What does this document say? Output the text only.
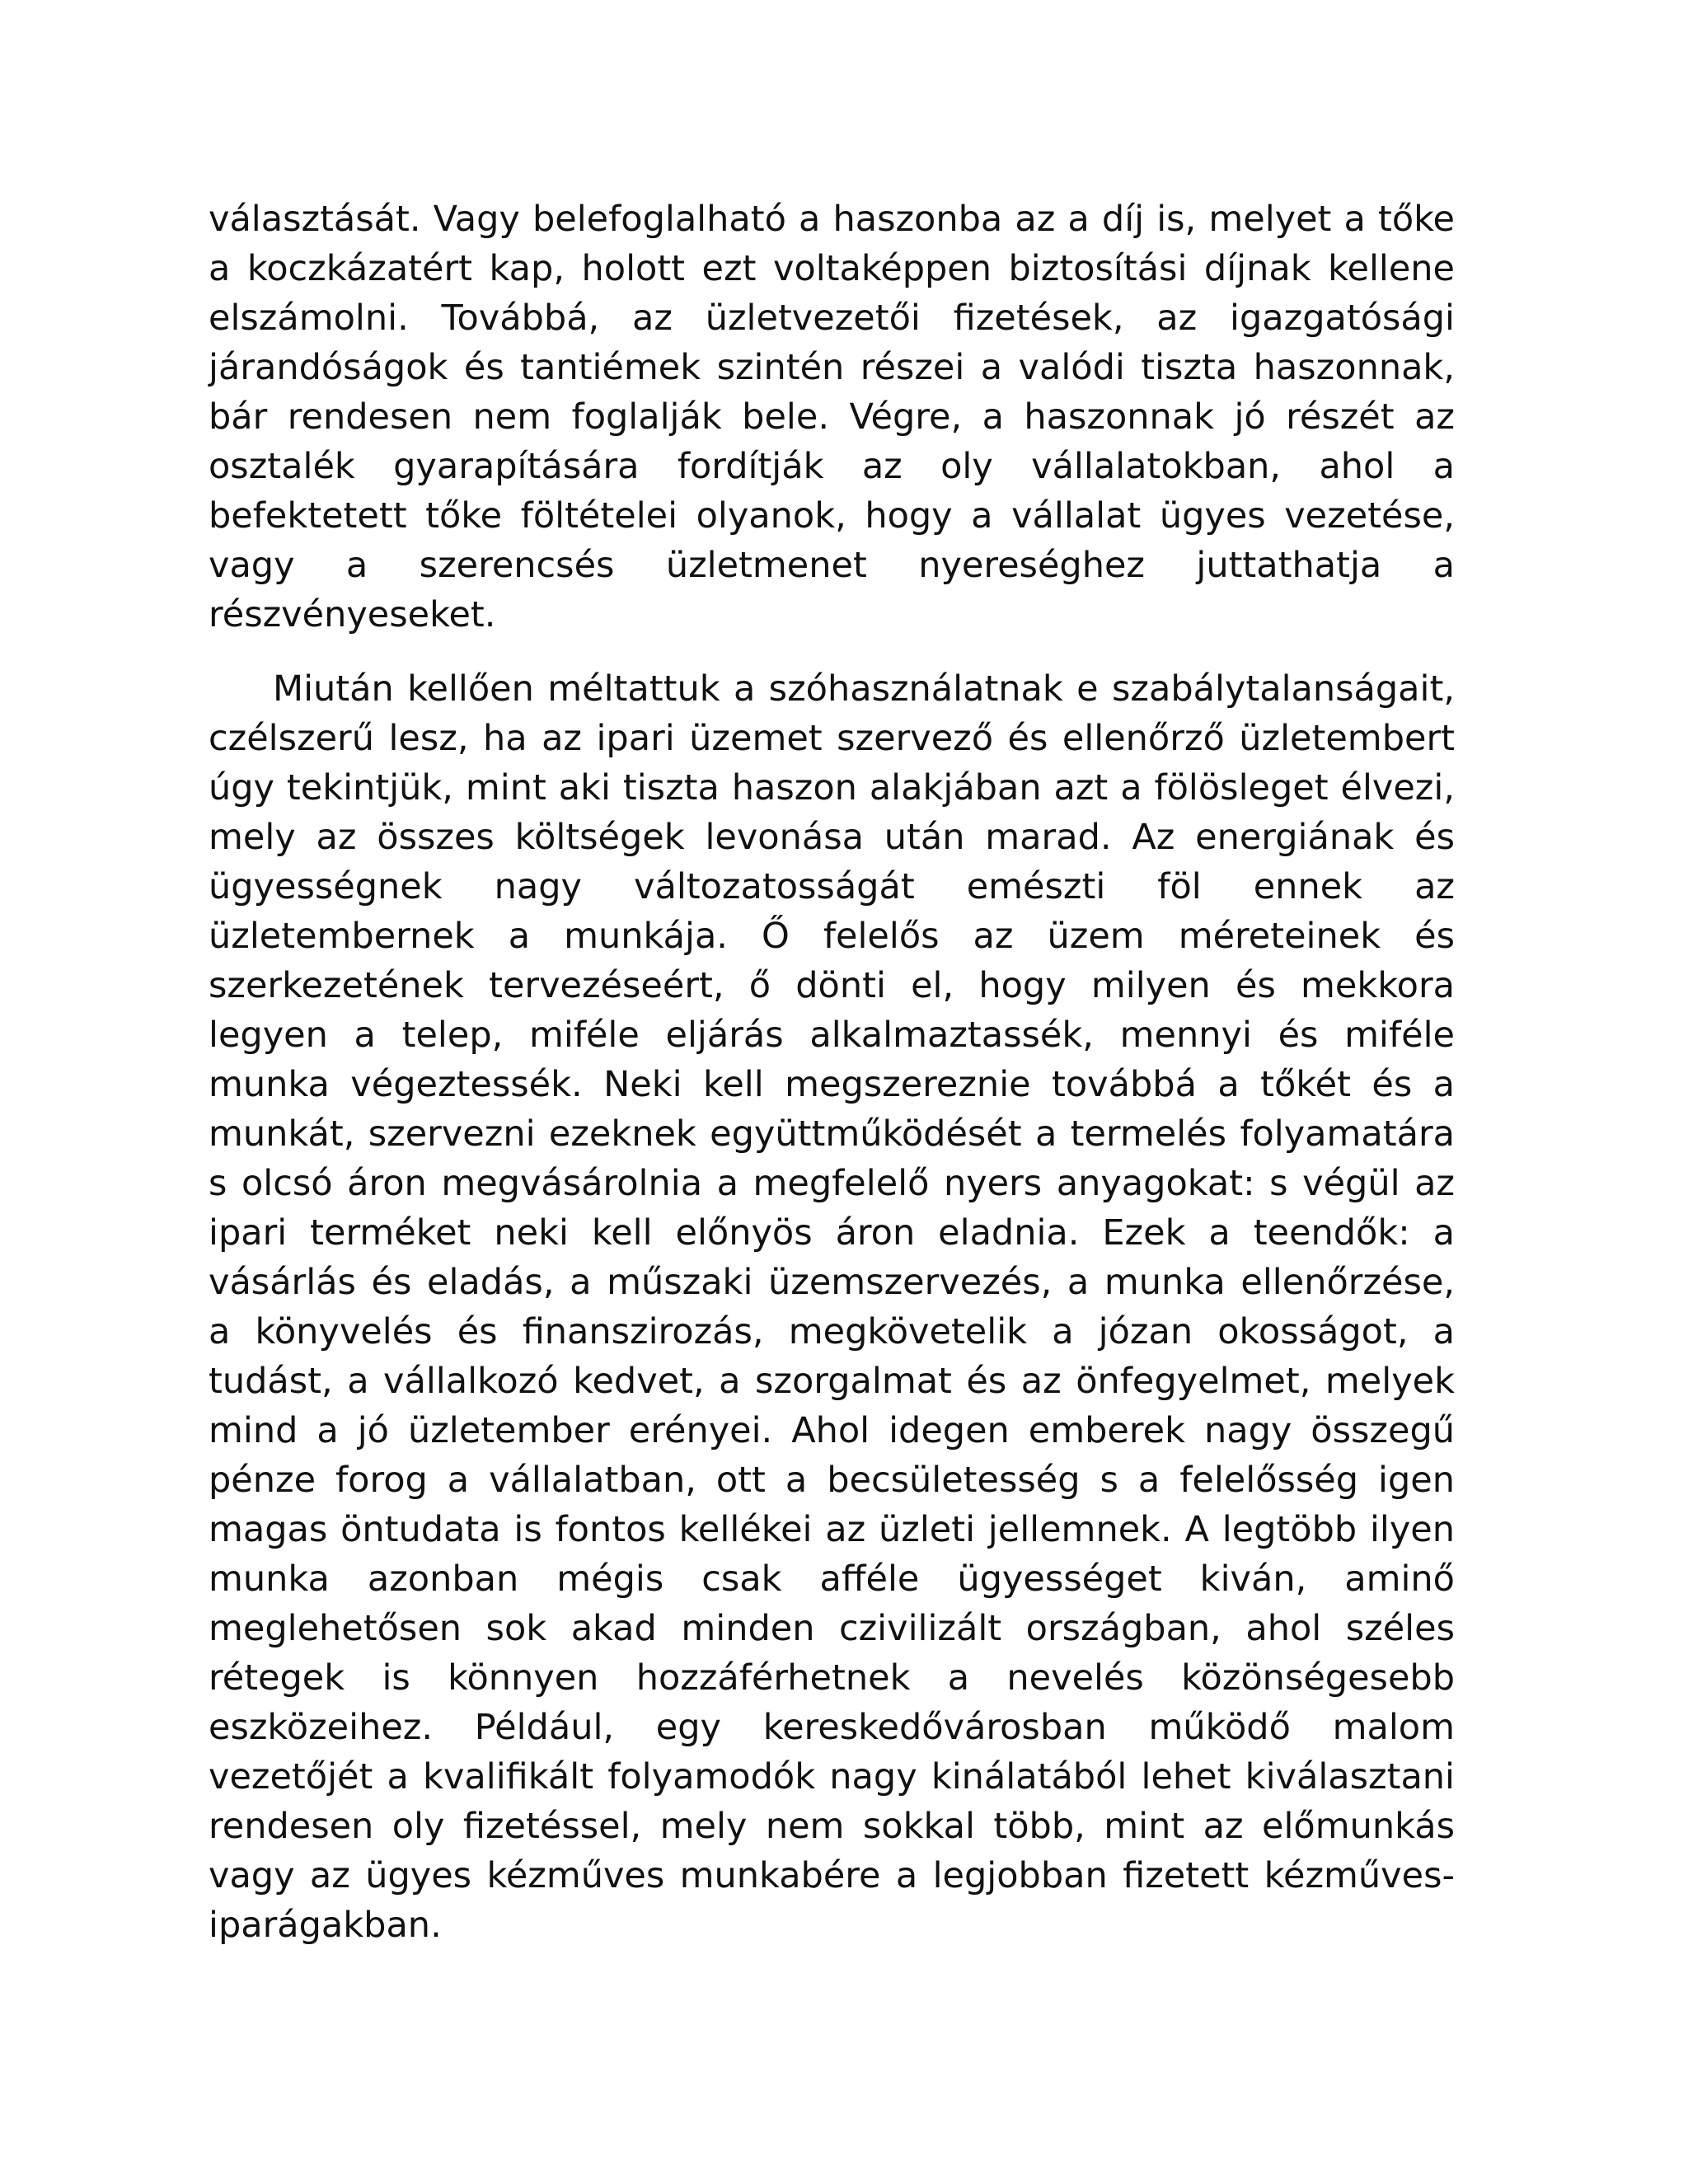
választását. Vagy belefoglalható a haszonba az a díj is, melyet a tőke a koczkázatért kap, holott ezt voltaképpen biztosítási díjnak kellene elszámolni. Továbbá, az üzletvezetői fizetések, az igazgatósági járandóságok és tantiémek szintén részei a valódi tiszta haszonnak, bár rendesen nem foglalják bele. Végre, a haszonnak jó részét az osztalék gyarapítására fordítják az oly vállalatokban, ahol a befektetett tőke föltételei olyanok, hogy a vállalat ügyes vezetése, vagy a szerencsés üzletmenet nyereséghez juttathatja a részvényeseket.

Miután kellően méltattuk a szóhasználatnak e szabálytalanságait, czélszerű lesz, ha az ipari üzemet szervező és ellenőrző üzletembert úgy tekintjük, mint aki tiszta haszon alakjában azt a fölösleget élvezi, mely az összes költségek levonása után marad. Az energiának és ügyességnek nagy változatosságát emészti föl ennek az üzletembernek a munkája. Ő felelős az üzem méreteinek és szerkezetének tervezéseért, ő dönti el, hogy milyen és mekkora legyen a telep, miféle eljárás alkalmaztassék, mennyi és miféle munka végeztessék. Neki kell megszereznie továbbá a tőkét és a munkát, szervezni ezeknek együttműködését a termelés folyamatára s olcsó áron megvásárolnia a megfelelő nyers anyagokat: s végül az ipari terméket neki kell előnyös áron eladnia. Ezek a teendők: a vásárlás és eladás, a műszaki üzemszervezés, a munka ellenőrzése, a könyvelés és finanszirozás, megkövetelik a józan okosságot, a tudást, a vállalkozó kedvet, a szorgalmat és az önfegyelmet, melyek mind a jó üzletember erényei. Ahol idegen emberek nagy összegű pénze forog a vállalatban, ott a becsületesség s a felelősség igen magas öntudata is fontos kellékei az üzleti jellemnek. A legtöbb ilyen munka azonban mégis csak afféle ügyességet kiván, aminő meglehetősen sok akad minden czivilizált országban, ahol széles rétegek is könnyen hozzáférhetnek a nevelés közönségesebb eszközeihez. Például, egy kereskedővárosban működő malom vezetőjét a kvalifikált folyamodók nagy kinálatából lehet kiválasztani rendesen oly fizetéssel, mely nem sokkal több, mint az előmunkás vagy az ügyes kézműves munkabére a legjobban fizetett kézműves-iparágakban.
